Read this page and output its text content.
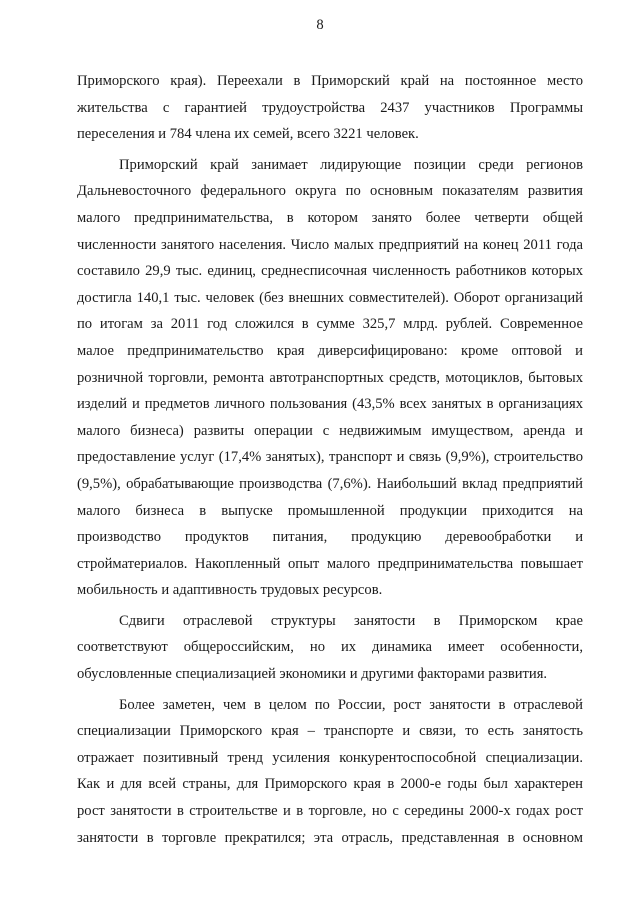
8

Приморского края). Переехали в Приморский край на постоянное место
жительства с гарантией трудоустройства 2437 участников Программы
переселения и 784 члена их семей, всего 3221 человек.

Приморский край занимает лидирующие позиции среди регионов
Дальневосточного федерального округа по основным показателям развития
малого предпринимательства, в котором занято более четверти общей
численности занятого населения. Число малых предприятий на конец 2011 года
составило 29,9 тыс. единиц, среднесписочная численность работников которых
достигла 140,1 тыс. человек (без внешних совместителей). Оборот организаций
по итогам за 2011 год сложился в сумме 325,7 млрд. рублей. Современное
малое предпринимательство края диверсифицировано: кроме оптовой и
розничной торговли, ремонта автотранспортных средств, мотоциклов, бытовых
изделий и предметов личного пользования (43,5% всех занятых в организациях
малого бизнеса) развиты операции с недвижимым имуществом, аренда и
предоставление услуг (17,4% занятых), транспорт и связь (9,9%), строительство
(9,5%), обрабатывающие производства (7,6%). Наибольший вклад предприятий
малого бизнеса в выпуске промышленной продукции приходится на
производство продуктов питания, продукцию деревообработки и
стройматериалов. Накопленный опыт малого предпринимательства повышает
мобильность и адаптивность трудовых ресурсов.

Сдвиги отраслевой структуры занятости в Приморском крае
соответствуют общероссийским, но их динамика имеет особенности,
обусловленные специализацией экономики и другими факторами развития.

Более заметен, чем в целом по России, рост занятости в отраслевой
специализации Приморского края – транспорте и связи, то есть занятость
отражает позитивный тренд усиления конкурентоспособной специализации.
Как и для всей страны, для Приморского края в 2000-е годы был характерен
рост занятости в строительстве и в торговле, но с середины 2000-х годах рост
занятости в торговле прекратился; эта отрасль, представленная в основном
